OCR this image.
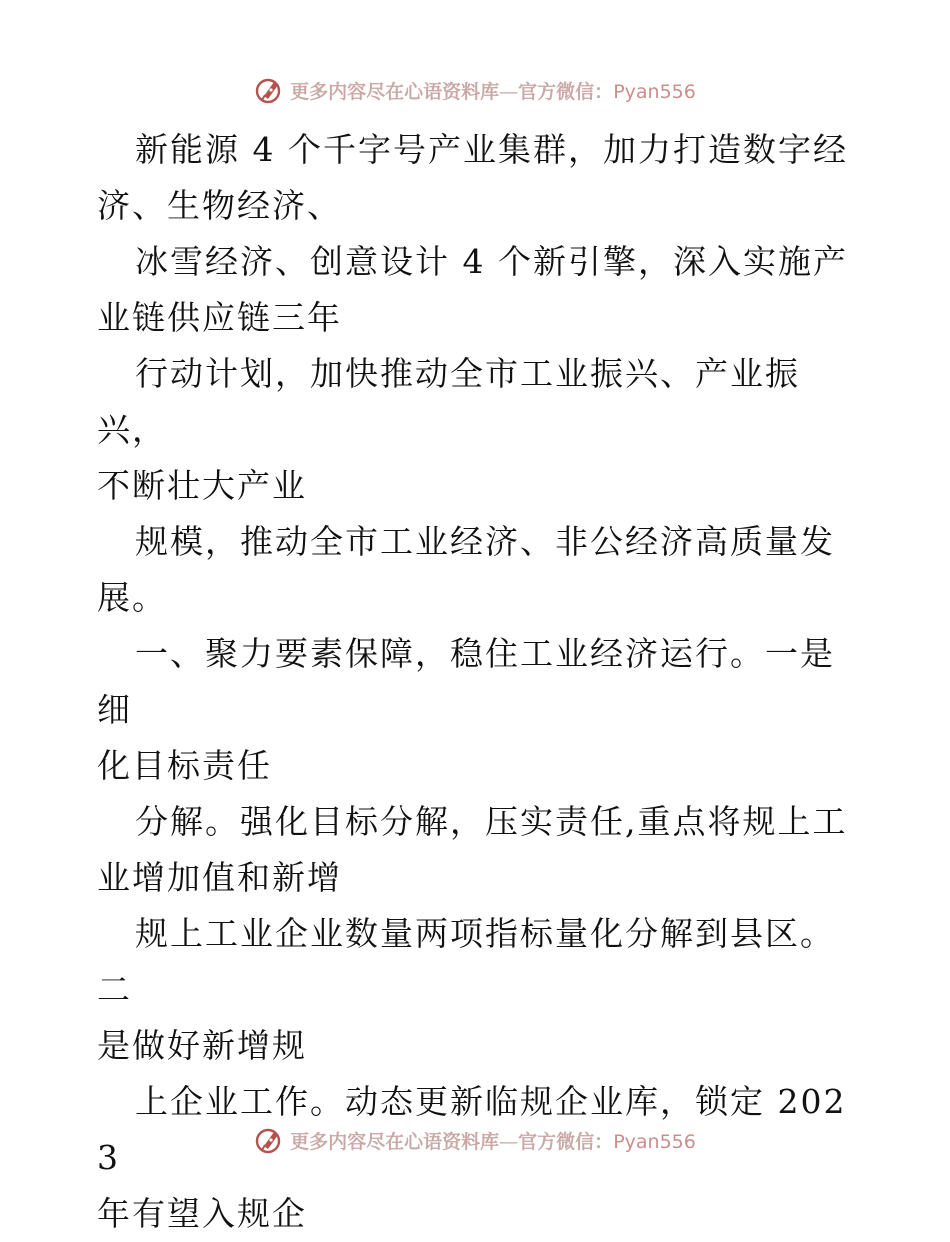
更多内容尽在心语资料库—官方微信：Pyan556

新能源 4 个千字号产业集群，加力打造数字经
济、生物经济、

冰雪经济、创意设计 4 个新引擎，深入实施产
业链供应链三年

行动计划，加快推动全市工业振兴、产业振兴，
不断壮大产业

规模，推动全市工业经济、非公经济高质量发
展。

一、聚力要素保障，稳住工业经济运行。一是细
化目标责任

分解。强化目标分解，压实责任,重点将规上工
业增加值和新增

规上工业企业数量两项指标量化分解到县区。二
是做好新增规

上企业工作。动态更新临规企业库，锁定 2023
年有望入规企

更多内容尽在心语资料库—官方微信：Pyan556
